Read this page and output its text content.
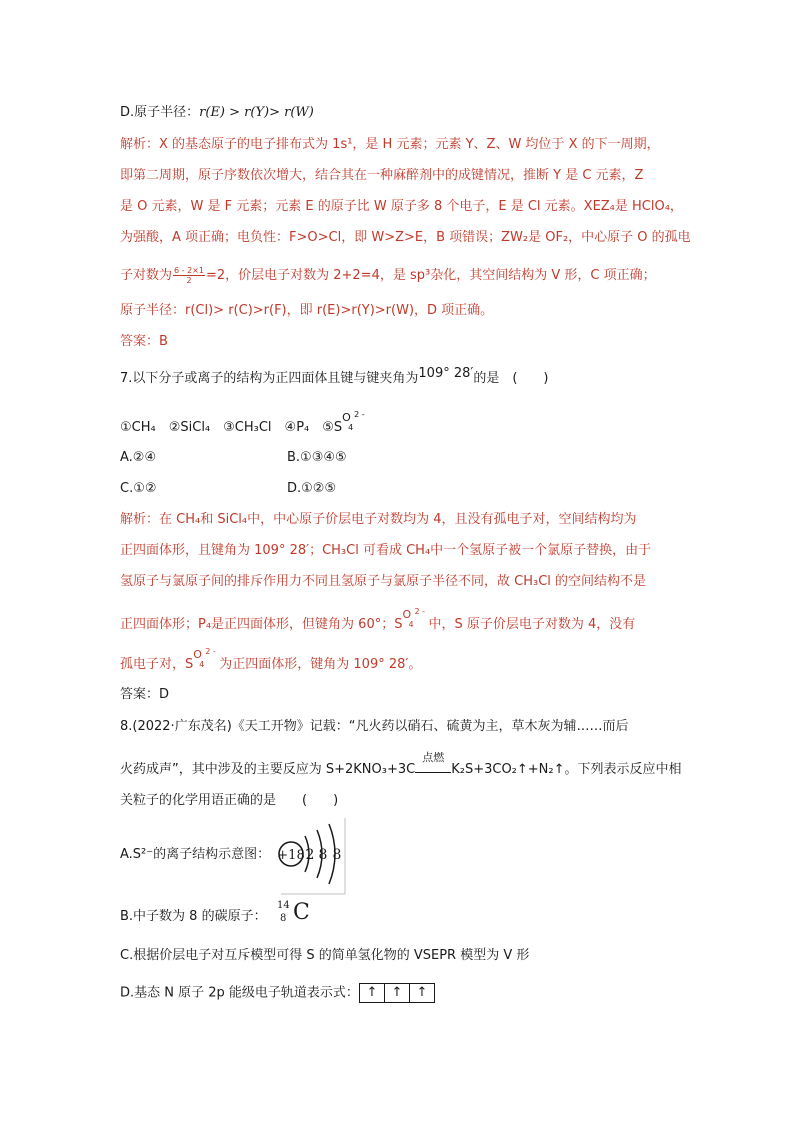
D.原子半径：r(E) > r(Y)> r(W)
解析：X 的基态原子的电子排布式为 1s¹，是 H 元素；元素 Y、Z、W 均位于 X 的下一周期，
即第二周期，原子序数依次增大，结合其在一种麻醉剂中的成键情况，推断 Y 是 C 元素，Z
是 O 元素，W 是 F 元素；元素 E 的原子比 W 原子多 8 个电子，E 是 Cl 元素。XEZ₄是 HClO₄，
为强酸，A 项正确；电负性：F>O>Cl，即 W>Z>E，B 项错误；ZW₂是 OF₂，中心原子 O 的孤电
子对数为 $\frac{6 - 2\times 1}{2} =2$，价层电子对数为 2+2=4，是 sp³杂化，其空间结构为 V 形，C 项正确；
原子半径：r(Cl)> r(C)>r(F)，即 r(E)>r(Y)>r(W)，D 项正确。
答案：B
7.以下分子或离子的结构为正四面体且键与键夹角为109° 28′的是　(　　)
①CH₄　②SiCl₄　③CH₃Cl　④P₄　⑤S
O 2 -
4
A.②④	B.①③④⑤
C.①②	D.①②⑤
解析：在 CH₄和 SiCl₄中，中心原子价层电子对数均为 4，且没有孤电子对，空间结构均为
正四面体形，且键角为 109° 28′；CH₃Cl 可看成 CH₄中一个氢原子被一个氯原子替换，由于
氢原子与氯原子间的排斥作用力不同且氢原子与氯原子半径不同，故 CH₃Cl 的空间结构不是
正四面体形；P₄是正四面体形，但键角为 60°；S
O 2 -
4 中，S 原子价层电子对数为 4，没有
孤电子对，S
O 2 -
4 为正四面体形，键角为 109° 28′。
答案：D
8.(2022·广东茂名)《天工开物》记载：“凡火药以硝石、硫黄为主，草木灰为辅……而后
火药成声”，其中涉及的主要反应为 S+2KNO₃+3C
点燃
K₂S+3CO₂↑+N₂↑。下列表示反应中相
关粒子的化学用语正确的是　　(　　)
A.S²⁻的离子结构示意图： +18 2 8 8
B.中子数为 8 的碳原子：
14
8 C
C.根据价层电子对互斥模型可得 S 的简单氢化物的 VSEPR 模型为 V 形
D.基态 N 原子 2p 能级电子轨道表示式： ↑ ↑ ↑
